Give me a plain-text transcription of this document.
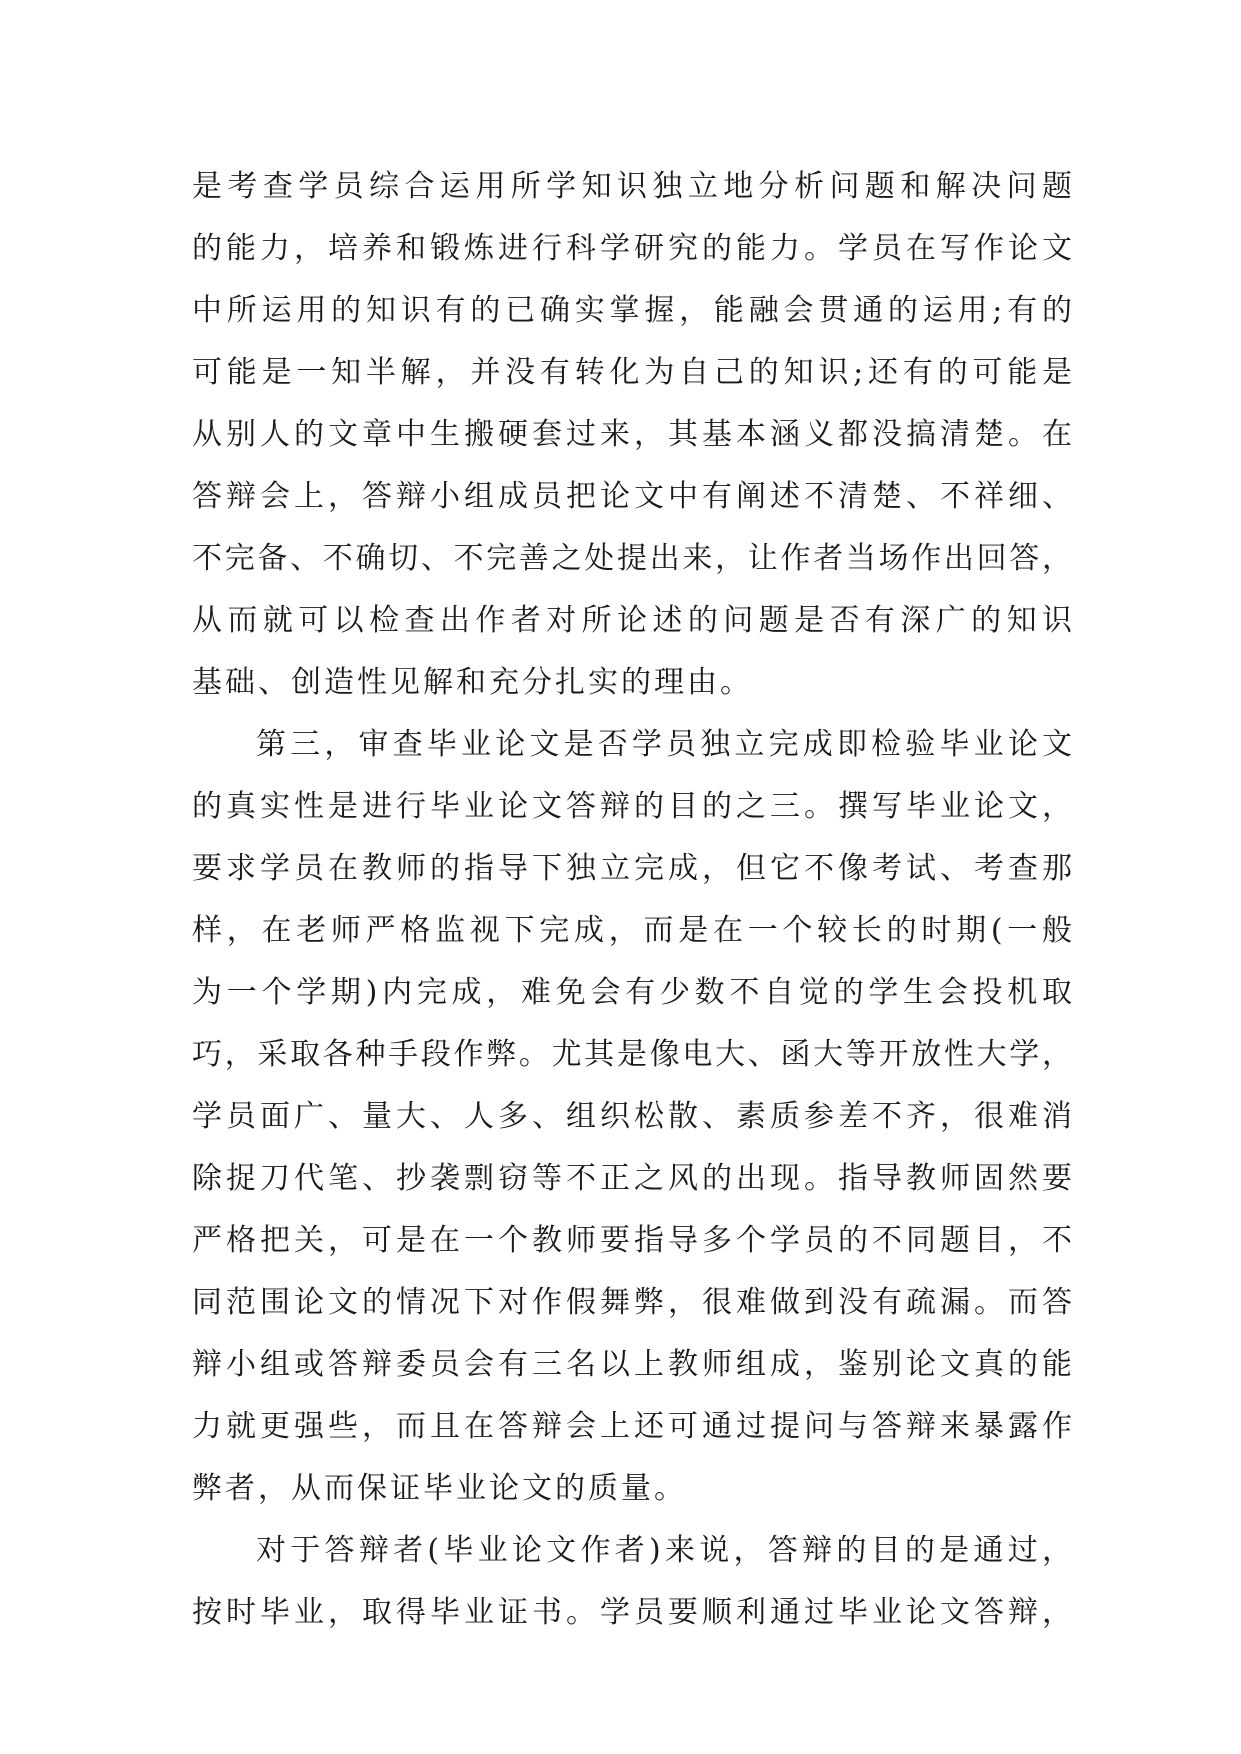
是考查学员综合运用所学知识独立地分析问题和解决问题
的能力，培养和锻炼进行科学研究的能力。学员在写作论文
中所运用的知识有的已确实掌握，能融会贯通的运用;有的
可能是一知半解，并没有转化为自己的知识;还有的可能是
从别人的文章中生搬硬套过来，其基本涵义都没搞清楚。在
答辩会上，答辩小组成员把论文中有阐述不清楚、不祥细、
不完备、不确切、不完善之处提出来，让作者当场作出回答，
从而就可以检查出作者对所论述的问题是否有深广的知识
基础、创造性见解和充分扎实的理由。
第三，审查毕业论文是否学员独立完成即检验毕业论文
的真实性是进行毕业论文答辩的目的之三。撰写毕业论文，
要求学员在教师的指导下独立完成，但它不像考试、考查那
样，在老师严格监视下完成，而是在一个较长的时期(一般
为一个学期)内完成，难免会有少数不自觉的学生会投机取
巧，采取各种手段作弊。尤其是像电大、函大等开放性大学，
学员面广、量大、人多、组织松散、素质参差不齐，很难消
除捉刀代笔、抄袭剽窃等不正之风的出现。指导教师固然要
严格把关，可是在一个教师要指导多个学员的不同题目，不
同范围论文的情况下对作假舞弊，很难做到没有疏漏。而答
辩小组或答辩委员会有三名以上教师组成，鉴别论文真的能
力就更强些，而且在答辩会上还可通过提问与答辩来暴露作
弊者，从而保证毕业论文的质量。
对于答辩者(毕业论文作者)来说，答辩的目的是通过，
按时毕业，取得毕业证书。学员要顺利通过毕业论文答辩，
